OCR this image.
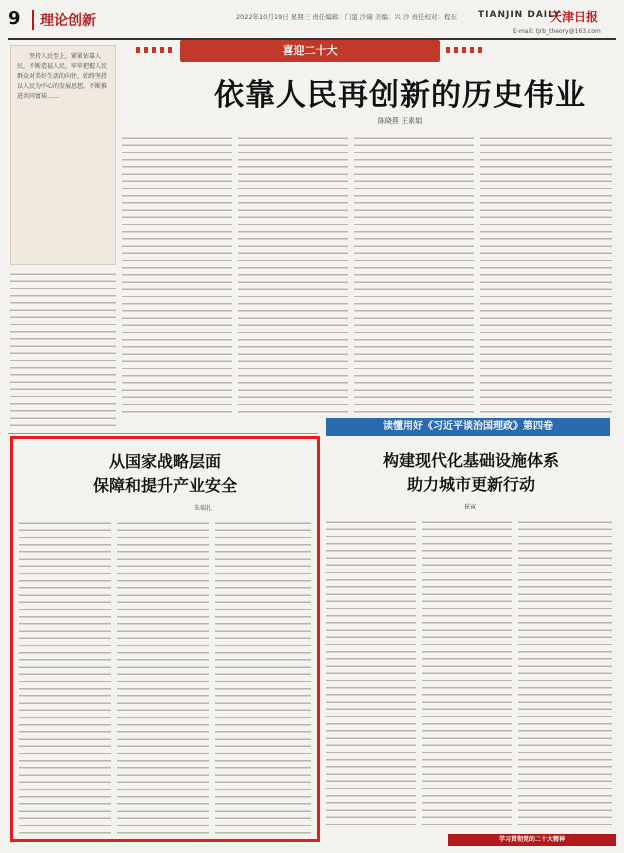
9	理论创新	2022年10月19日 星期三 责任编辑：门蛮 沙瑞 美编：兴 沙 责任校对：程东 TIANJIN DAILY
天津日报
E-mail: tjrb_theory@163.com
喜迎二十大
依靠人民再创新的历史伟业
陈晓燕 王素娟

坚持人民至上，紧紧依靠人民，不断造福人民，牢牢把握人民群众对美好生活的向往，始终坚持以人民为中心的发展思想，不断推进共同富裕……

读懂用好《习近平谈治国理政》第四卷
从国家战略层面
保障和提升产业安全
朱瑞扎
构建现代化基础设施体系
助力城市更新行动
崔寅
学习贯彻党的二十大精神
